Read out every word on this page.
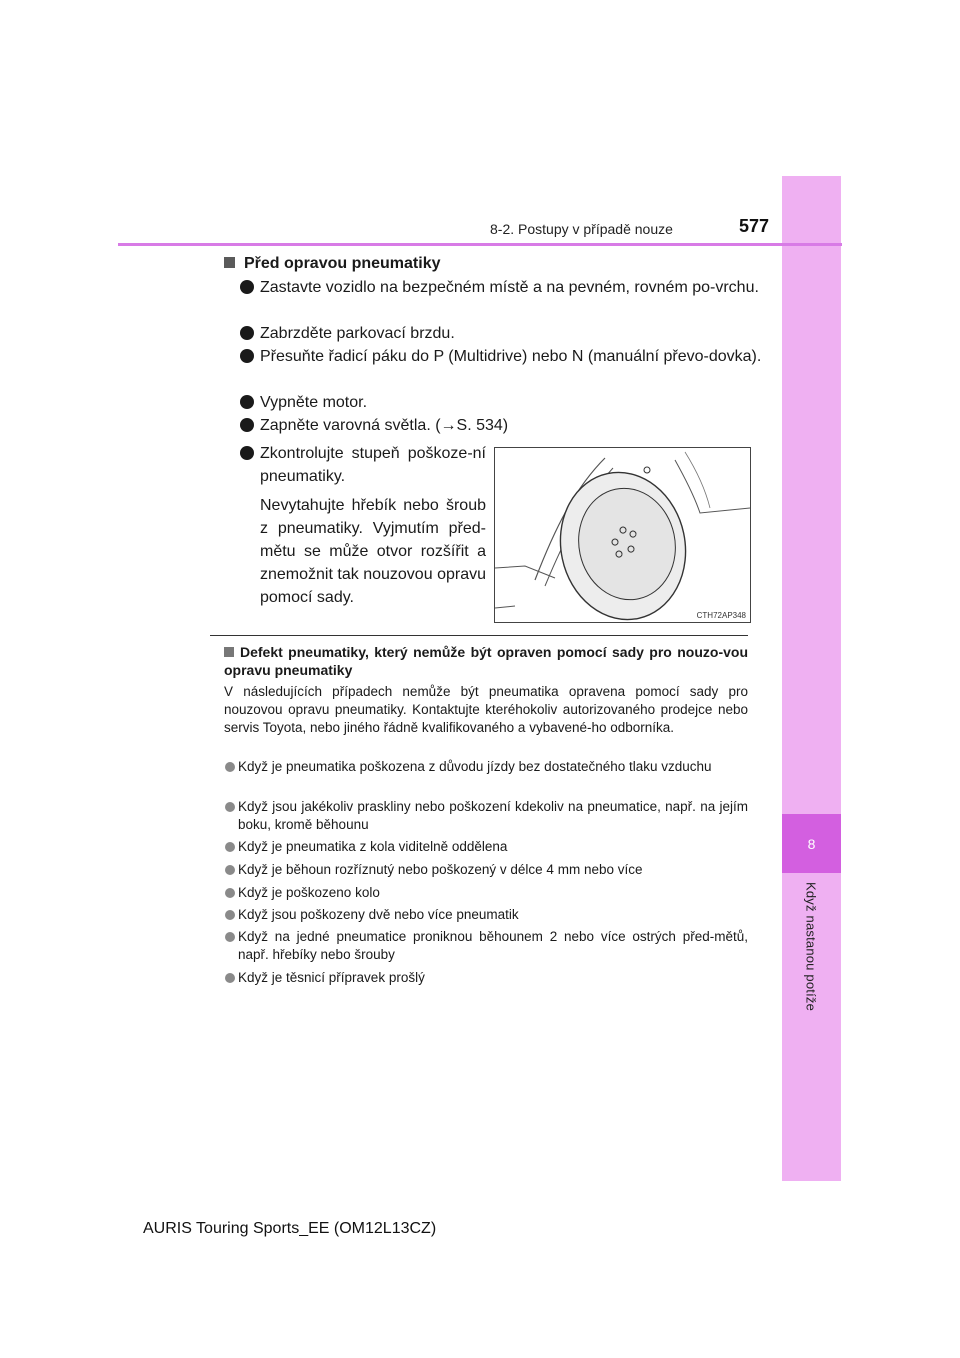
8
Když nastanou potíže
8-2. Postupy v případě nouze	577
Před opravou pneumatiky
Zastavte vozidlo na bezpečném místě a na pevném, rovném po-vrchu.
Zabrzděte parkovací brzdu.
Přesuňte řadicí páku do P (Multidrive) nebo N (manuální převo-dovka).
Vypněte motor.
Zapněte varovná světla. (→S. 534)
Zkontrolujte stupeň poškoze-ní pneumatiky.
Nevytahujte hřebík nebo šroub z pneumatiky. Vyjmutím před-mětu se může otvor rozšířit a znemožnit tak nouzovou opravu pomocí sady.
CTH72AP348
Defekt pneumatiky, který nemůže být opraven pomocí sady pro nouzo-vou opravu pneumatiky
V následujících případech nemůže být pneumatika opravena pomocí sady pro nouzovou opravu pneumatiky. Kontaktujte kteréhokoliv autorizovaného prodejce nebo servis Toyota, nebo jiného řádně kvalifikovaného a vybavené-ho odborníka.
Když je pneumatika poškozena z důvodu jízdy bez dostatečného tlaku vzduchu
Když jsou jakékoliv praskliny nebo poškození kdekoliv na pneumatice, např. na jejím boku, kromě běhounu
Když je pneumatika z kola viditelně oddělena
Když je běhoun rozříznutý nebo poškozený v délce 4 mm nebo více
Když je poškozeno kolo
Když jsou poškozeny dvě nebo více pneumatik
Když na jedné pneumatice proniknou běhounem 2 nebo více ostrých před-mětů, např. hřebíky nebo šrouby
Když je těsnicí přípravek prošlý
AURIS Touring Sports_EE (OM12L13CZ)
